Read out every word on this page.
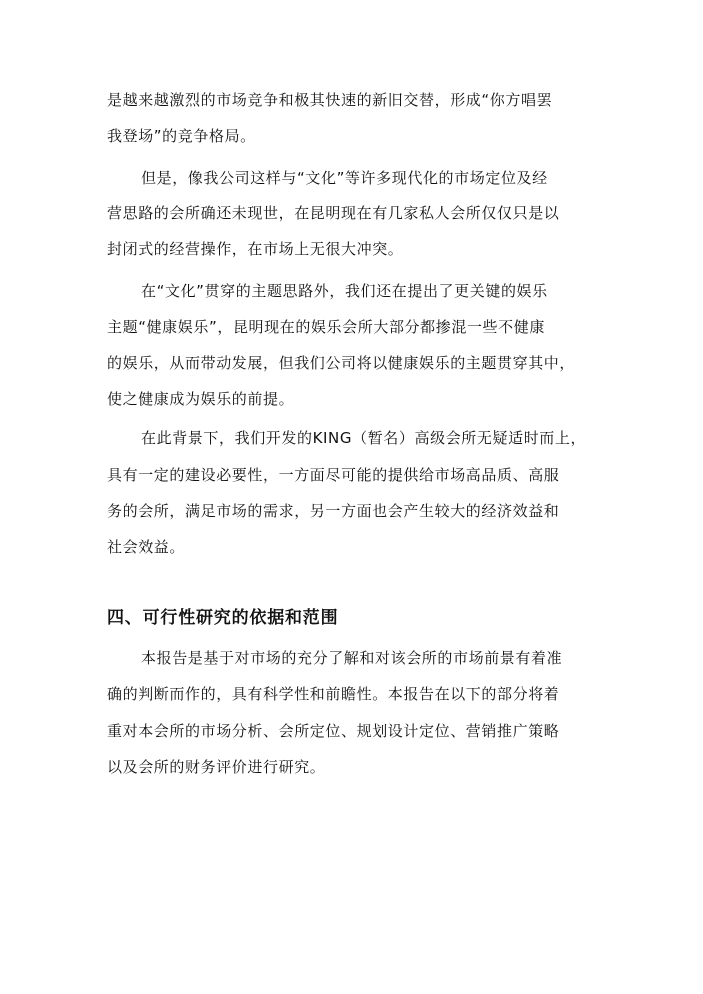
是越来越激烈的市场竞争和极其快速的新旧交替，形成“你方唱罢
我登场”的竞争格局。
但是，像我公司这样与“文化”等许多现代化的市场定位及经
营思路的会所确还未现世，在昆明现在有几家私人会所仅仅只是以
封闭式的经营操作，在市场上无很大冲突。
在“文化”贯穿的主题思路外，我们还在提出了更关键的娱乐
主题“健康娱乐”，昆明现在的娱乐会所大部分都掺混一些不健康
的娱乐，从而带动发展，但我们公司将以健康娱乐的主题贯穿其中，
使之健康成为娱乐的前提。
在此背景下，我们开发的KING（暂名）高级会所无疑适时而上，
具有一定的建设必要性，一方面尽可能的提供给市场高品质、高服
务的会所，满足市场的需求，另一方面也会产生较大的经济效益和
社会效益。
四、可行性研究的依据和范围
本报告是基于对市场的充分了解和对该会所的市场前景有着准
确的判断而作的，具有科学性和前瞻性。本报告在以下的部分将着
重对本会所的市场分析、会所定位、规划设计定位、营销推广策略
以及会所的财务评价进行研究。
